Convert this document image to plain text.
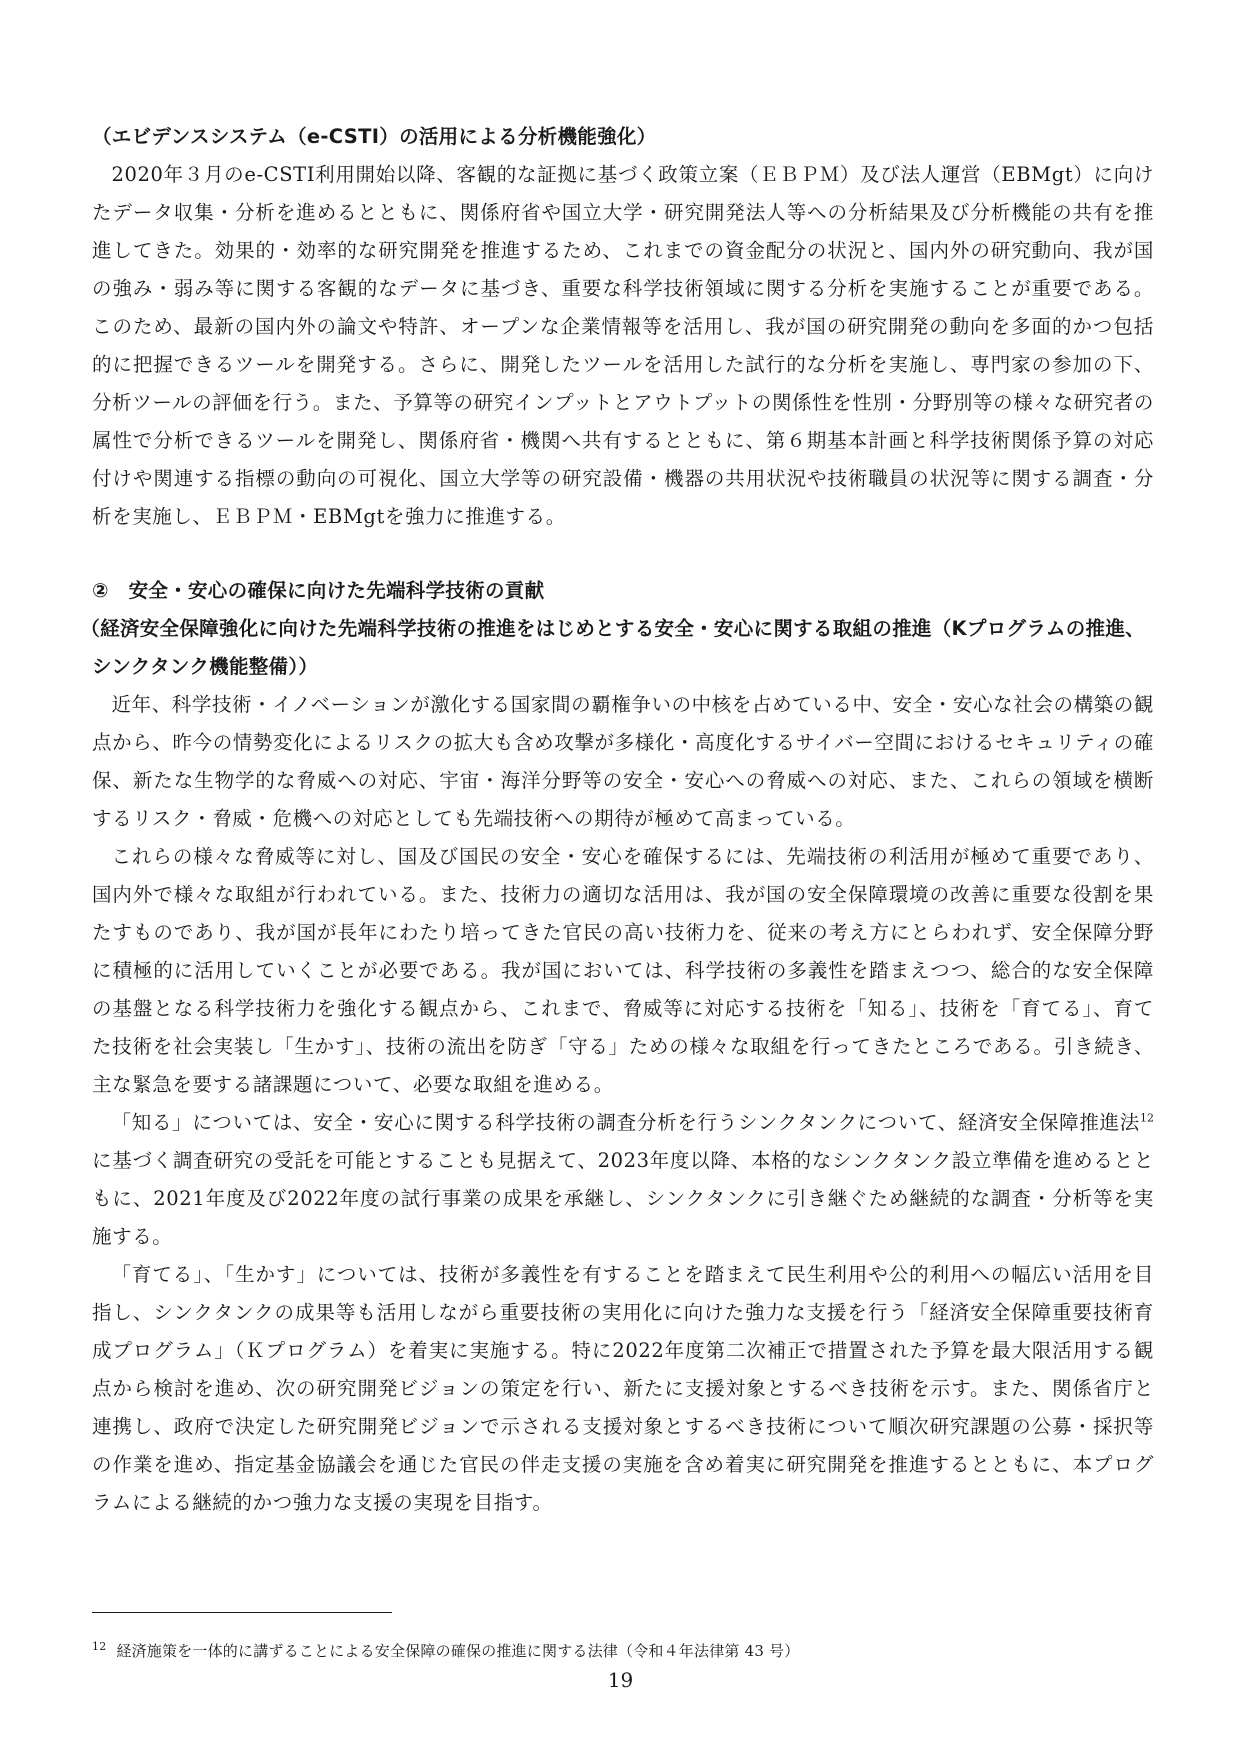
（エビデンスシステム（e-CSTI）の活用による分析機能強化）

2020年３月のe-CSTI利用開始以降、客観的な証拠に基づく政策立案（ＥＢＰＭ）及び法人運営（EBMgt）に向けたデータ収集・分析を進めるとともに、関係府省や国立大学・研究開発法人等への分析結果及び分析機能の共有を推進してきた。効果的・効率的な研究開発を推進するため、これまでの資金配分の状況と、国内外の研究動向、我が国の強み・弱み等に関する客観的なデータに基づき、重要な科学技術領域に関する分析を実施することが重要である。このため、最新の国内外の論文や特許、オープンな企業情報等を活用し、我が国の研究開発の動向を多面的かつ包括的に把握できるツールを開発する。さらに、開発したツールを活用した試行的な分析を実施し、専門家の参加の下、分析ツールの評価を行う。また、予算等の研究インプットとアウトプットの関係性を性別・分野別等の様々な研究者の属性で分析できるツールを開発し、関係府省・機関へ共有するとともに、第６期基本計画と科学技術関係予算の対応付けや関連する指標の動向の可視化、国立大学等の研究設備・機器の共用状況や技術職員の状況等に関する調査・分析を実施し、ＥＢＰＭ・EBMgtを強力に推進する。

②　安全・安心の確保に向けた先端科学技術の貢献

（経済安全保障強化に向けた先端科学技術の推進をはじめとする安全・安心に関する取組の推進（Kプログラムの推進、シンクタンク機能整備））

近年、科学技術・イノベーションが激化する国家間の覇権争いの中核を占めている中、安全・安心な社会の構築の観点から、昨今の情勢変化によるリスクの拡大も含め攻撃が多様化・高度化するサイバー空間におけるセキュリティの確保、新たな生物学的な脅威への対応、宇宙・海洋分野等の安全・安心への脅威への対応、また、これらの領域を横断するリスク・脅威・危機への対応としても先端技術への期待が極めて高まっている。

これらの様々な脅威等に対し、国及び国民の安全・安心を確保するには、先端技術の利活用が極めて重要であり、国内外で様々な取組が行われている。また、技術力の適切な活用は、我が国の安全保障環境の改善に重要な役割を果たすものであり、我が国が長年にわたり培ってきた官民の高い技術力を、従来の考え方にとらわれず、安全保障分野に積極的に活用していくことが必要である。我が国においては、科学技術の多義性を踏まえつつ、総合的な安全保障の基盤となる科学技術力を強化する観点から、これまで、脅威等に対応する技術を「知る」、技術を「育てる」、育てた技術を社会実装し「生かす」、技術の流出を防ぎ「守る」ための様々な取組を行ってきたところである。引き続き、主な緊急を要する諸課題について、必要な取組を進める。

「知る」については、安全・安心に関する科学技術の調査分析を行うシンクタンクについて、経済安全保障推進法$^{12}$に基づく調査研究の受託を可能とすることも見据えて、2023年度以降、本格的なシンクタンク設立準備を進めるとともに、2021年度及び2022年度の試行事業の成果を承継し、シンクタンクに引き継ぐため継続的な調査・分析等を実施する。

「育てる」、「生かす」については、技術が多義性を有することを踏まえて民生利用や公的利用への幅広い活用を目指し、シンクタンクの成果等も活用しながら重要技術の実用化に向けた強力な支援を行う「経済安全保障重要技術育成プログラム」（Ｋプログラム）を着実に実施する。特に2022年度第二次補正で措置された予算を最大限活用する観点から検討を進め、次の研究開発ビジョンの策定を行い、新たに支援対象とするべき技術を示す。また、関係省庁と連携し、政府で決定した研究開発ビジョンで示される支援対象とするべき技術について順次研究課題の公募・採択等の作業を進め、指定基金協議会を通じた官民の伴走支援の実施を含め着実に研究開発を推進するとともに、本プログラムによる継続的かつ強力な支援の実現を目指す。

$^{12}$ 経済施策を一体的に講ずることによる安全保障の確保の推進に関する法律（令和４年法律第 43 号）
19
